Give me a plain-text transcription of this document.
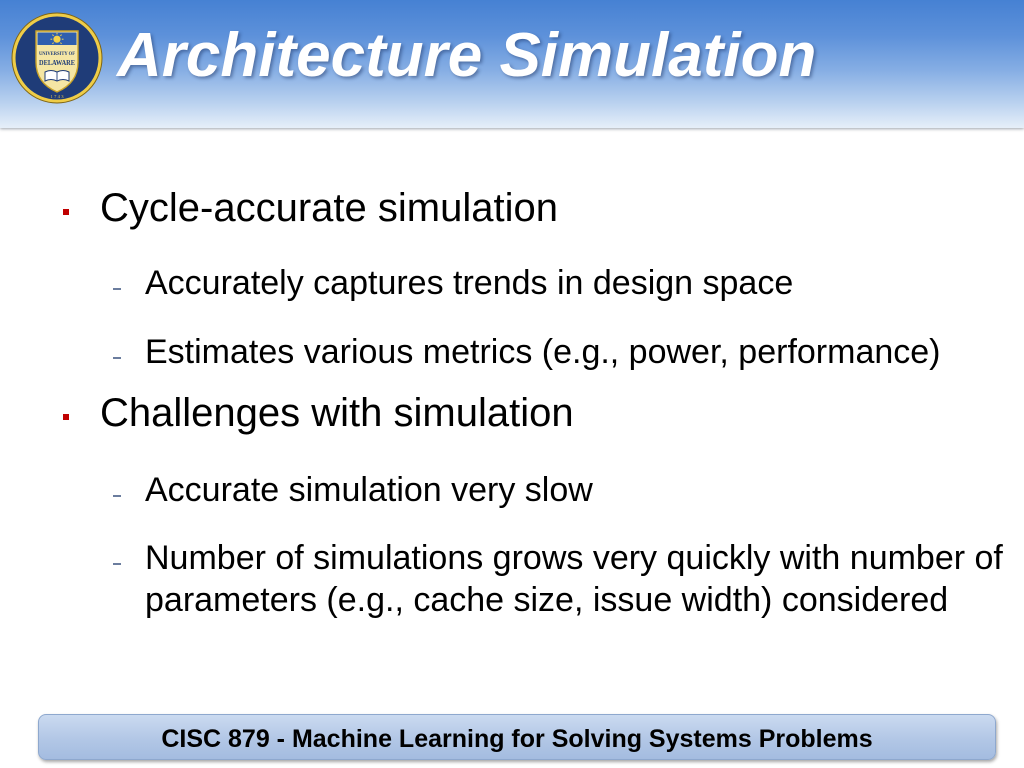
UNIVERSITY OF
DELAWARE
1743
Architecture Simulation
Cycle-accurate simulation
Accurately captures trends in design space
Estimates various metrics (e.g., power, performance)
Challenges with simulation
Accurate simulation very slow
Number of simulations grows very quickly with number of parameters (e.g., cache size, issue width) considered
CISC 879 - Machine Learning for Solving Systems Problems
